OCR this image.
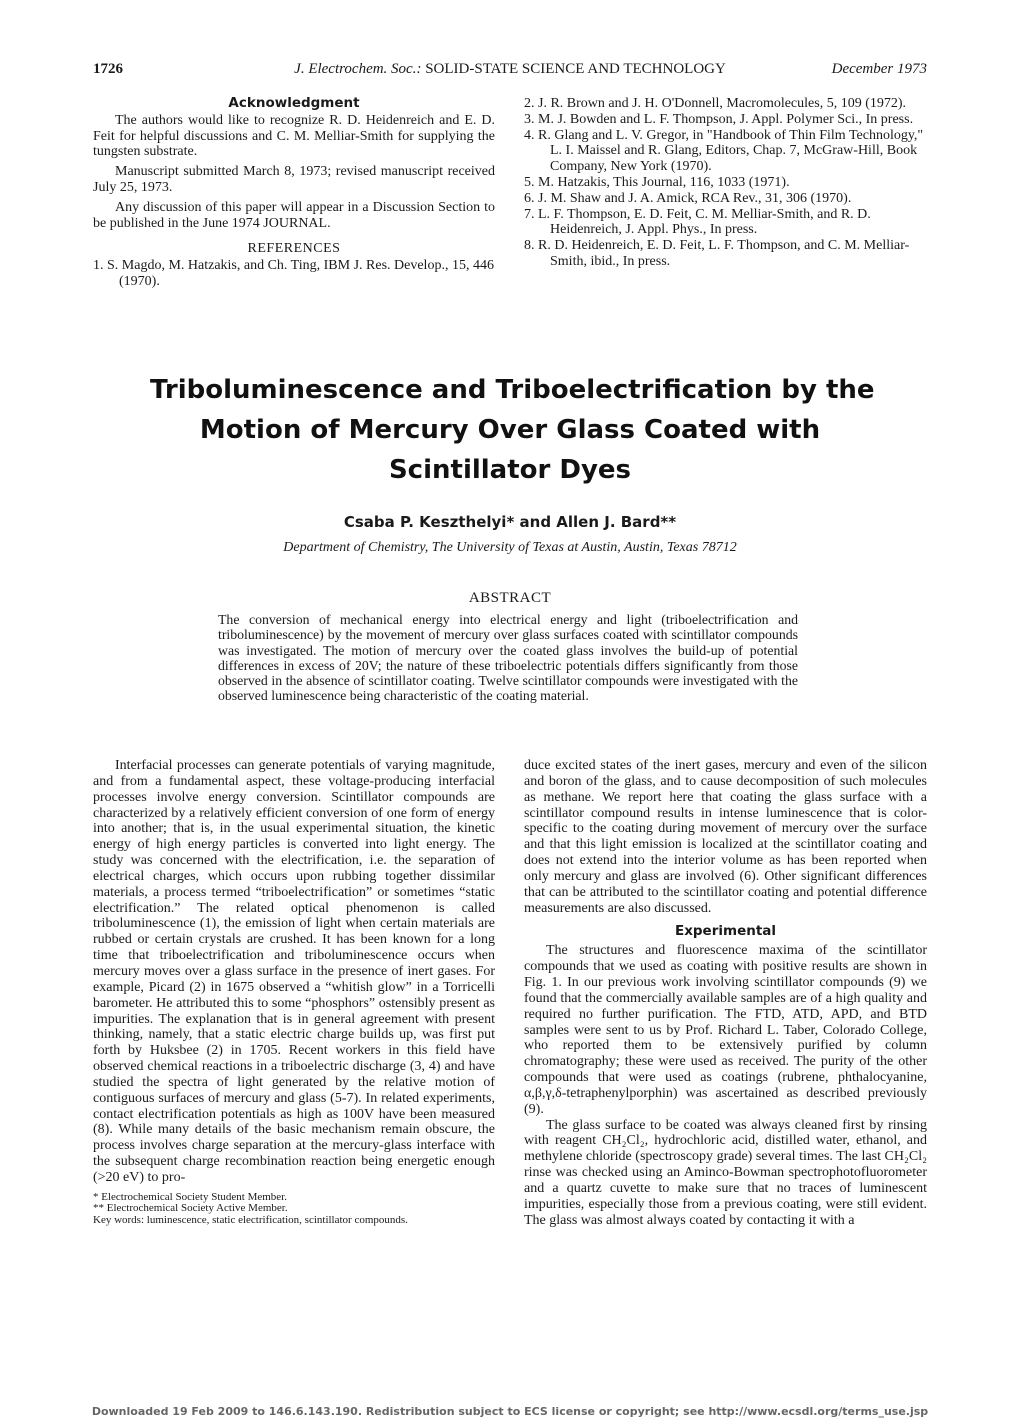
1726	J. Electrochem. Soc.: SOLID-STATE SCIENCE AND TECHNOLOGY	December 1973
Acknowledgment

The authors would like to recognize R. D. Heidenreich and E. D. Feit for helpful discussions and C. M. Melliar-Smith for supplying the tungsten substrate.

Manuscript submitted March 8, 1973; revised manuscript received July 25, 1973.

Any discussion of this paper will appear in a Discussion Section to be published in the June 1974 JOURNAL.

REFERENCES

1. S. Magdo, M. Hatzakis, and Ch. Ting, IBM J. Res. Develop., 15, 446 (1970).

2. J. R. Brown and J. H. O'Donnell, Macromolecules, 5, 109 (1972).

3. M. J. Bowden and L. F. Thompson, J. Appl. Polymer Sci., In press.

4. R. Glang and L. V. Gregor, in "Handbook of Thin Film Technology," L. I. Maissel and R. Glang, Editors, Chap. 7, McGraw-Hill, Book Company, New York (1970).

5. M. Hatzakis, This Journal, 116, 1033 (1971).

6. J. M. Shaw and J. A. Amick, RCA Rev., 31, 306 (1970).

7. L. F. Thompson, E. D. Feit, C. M. Melliar-Smith, and R. D. Heidenreich, J. Appl. Phys., In press.

8. R. D. Heidenreich, E. D. Feit, L. F. Thompson, and C. M. Melliar-Smith, ibid., In press.

Triboluminescence and Triboelectrification by the
Motion of Mercury Over Glass Coated with
Scintillator Dyes
Csaba P. Keszthelyi* and Allen J. Bard**
Department of Chemistry, The University of Texas at Austin, Austin, Texas 78712
ABSTRACT
The conversion of mechanical energy into electrical energy and light (triboelectrification and triboluminescence) by the movement of mercury over glass surfaces coated with scintillator compounds was investigated. The motion of mercury over the coated glass involves the build-up of potential differences in excess of 20V; the nature of these triboelectric potentials differs significantly from those observed in the absence of scintillator coating. Twelve scintillator compounds were investigated with the observed luminescence being characteristic of the coating material.

Interfacial processes can generate potentials of varying magnitude, and from a fundamental aspect, these voltage-producing interfacial processes involve energy conversion. Scintillator compounds are characterized by a relatively efficient conversion of one form of energy into another; that is, in the usual experimental situation, the kinetic energy of high energy particles is converted into light energy. The study was concerned with the electrification, i.e. the separation of electrical charges, which occurs upon rubbing together dissimilar materials, a process termed “triboelectrification” or sometimes “static electrification.” The related optical phenomenon is called triboluminescence (1), the emission of light when certain materials are rubbed or certain crystals are crushed. It has been known for a long time that triboelectrification and triboluminescence occurs when mercury moves over a glass surface in the presence of inert gases. For example, Picard (2) in 1675 observed a “whitish glow” in a Torricelli barometer. He attributed this to some “phosphors” ostensibly present as impurities. The explanation that is in general agreement with present thinking, namely, that a static electric charge builds up, was first put forth by Huksbee (2) in 1705. Recent workers in this field have observed chemical reactions in a triboelectric discharge (3, 4) and have studied the spectra of light generated by the relative motion of contiguous surfaces of mercury and glass (5-7). In related experiments, contact electrification potentials as high as 100V have been measured (8). While many details of the basic mechanism remain obscure, the process involves charge separation at the mercury-glass interface with the subsequent charge recombination reaction being energetic enough (>20 eV) to pro-

* Electrochemical Society Student Member.
** Electrochemical Society Active Member.
Key words: luminescence, static electrification, scintillator compounds.

duce excited states of the inert gases, mercury and even of the silicon and boron of the glass, and to cause decomposition of such molecules as methane. We report here that coating the glass surface with a scintillator compound results in intense luminescence that is color-specific to the coating during movement of mercury over the surface and that this light emission is localized at the scintillator coating and does not extend into the interior volume as has been reported when only mercury and glass are involved (6). Other significant differences that can be attributed to the scintillator coating and potential difference measurements are also discussed.

Experimental

The structures and fluorescence maxima of the scintillator compounds that we used as coating with positive results are shown in Fig. 1. In our previous work involving scintillator compounds (9) we found that the commercially available samples are of a high quality and required no further purification. The FTD, ATD, APD, and BTD samples were sent to us by Prof. Richard L. Taber, Colorado College, who reported them to be extensively purified by column chromatography; these were used as received. The purity of the other compounds that were used as coatings (rubrene, phthalocyanine, α,β,γ,δ-tetraphenylporphin) was ascertained as described previously (9).

The glass surface to be coated was always cleaned first by rinsing with reagent CH₂Cl₂, hydrochloric acid, distilled water, ethanol, and methylene chloride (spectroscopy grade) several times. The last CH₂Cl₂ rinse was checked using an Aminco-Bowman spectrophotofluorometer and a quartz cuvette to make sure that no traces of luminescent impurities, especially those from a previous coating, were still evident. The glass was almost always coated by contacting it with a

Downloaded 19 Feb 2009 to 146.6.143.190. Redistribution subject to ECS license or copyright; see http://www.ecsdl.org/terms_use.jsp
